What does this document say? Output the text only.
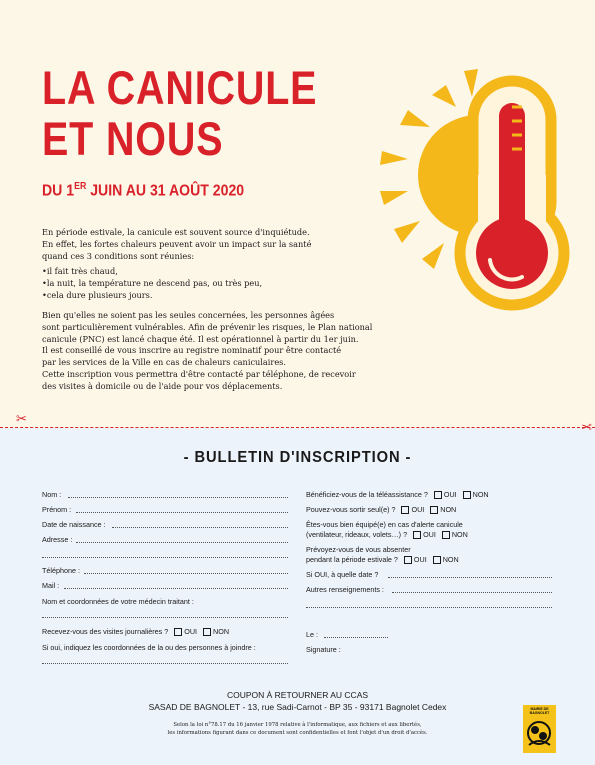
LA CANICULE
ET NOUS

DU 1ER JUIN AU 31 AOÛT 2020

En période estivale, la canicule est souvent source d'inquiétude.

En effet, les fortes chaleurs peuvent avoir un impact sur la santé

quand ces 3 conditions sont réunies:

•il fait très chaud,
•la nuit, la température ne descend pas, ou très peu,
•cela dure plusieurs jours.

Bien qu'elles ne soient pas les seules concernées, les personnes âgées

sont particulièrement vulnérables. Afin de prévenir les risques, le Plan national

canicule (PNC) est lancé chaque été. Il est opérationnel à partir du 1er juin.

Il est conseillé de vous inscrire au registre nominatif pour être contacté

par les services de la Ville en cas de chaleurs caniculaires.

Cette inscription vous permettra d'être contacté par téléphone, de recevoir

des visites à domicile ou de l'aide pour vos déplacements.

✂	✂
- BULLETIN D'INSCRIPTION -
Nom :
Prénom :
Date de naissance :
Adresse :
Téléphone :
Mail :
Nom et coordonnées de votre médecin traitant :
Recevez-vous des visites journalières ? OUI NON
Si oui, indiquez les coordonnées de la ou des personnes à joindre :
Bénéficiez-vous de la téléassistance ? OUI NON
Pouvez-vous sortir seul(e) ? OUI NON
Êtes-vous bien équipé(e) en cas d'alerte canicule
(ventilateur, rideaux, volets…) ? OUI NON
Prévoyez-vous de vous absenter
pendant la période estivale ? OUI NON
Si OUI, à quelle date ?
Autres renseignements :
Le :
Signature :

COUPON À RETOURNER AU CCAS

SASAD DE BAGNOLET - 13, rue Sadi-Carnot - BP 35 - 93171 Bagnolet Cedex

Selon la loi n°78.17 du 16 janvier 1978 relative à l'informatique, aux fichiers et aux libertés,

les informations figurant dans ce document sont confidentielles et font l'objet d'un droit d'accès.

MAIRIE DE BAGNOLET
